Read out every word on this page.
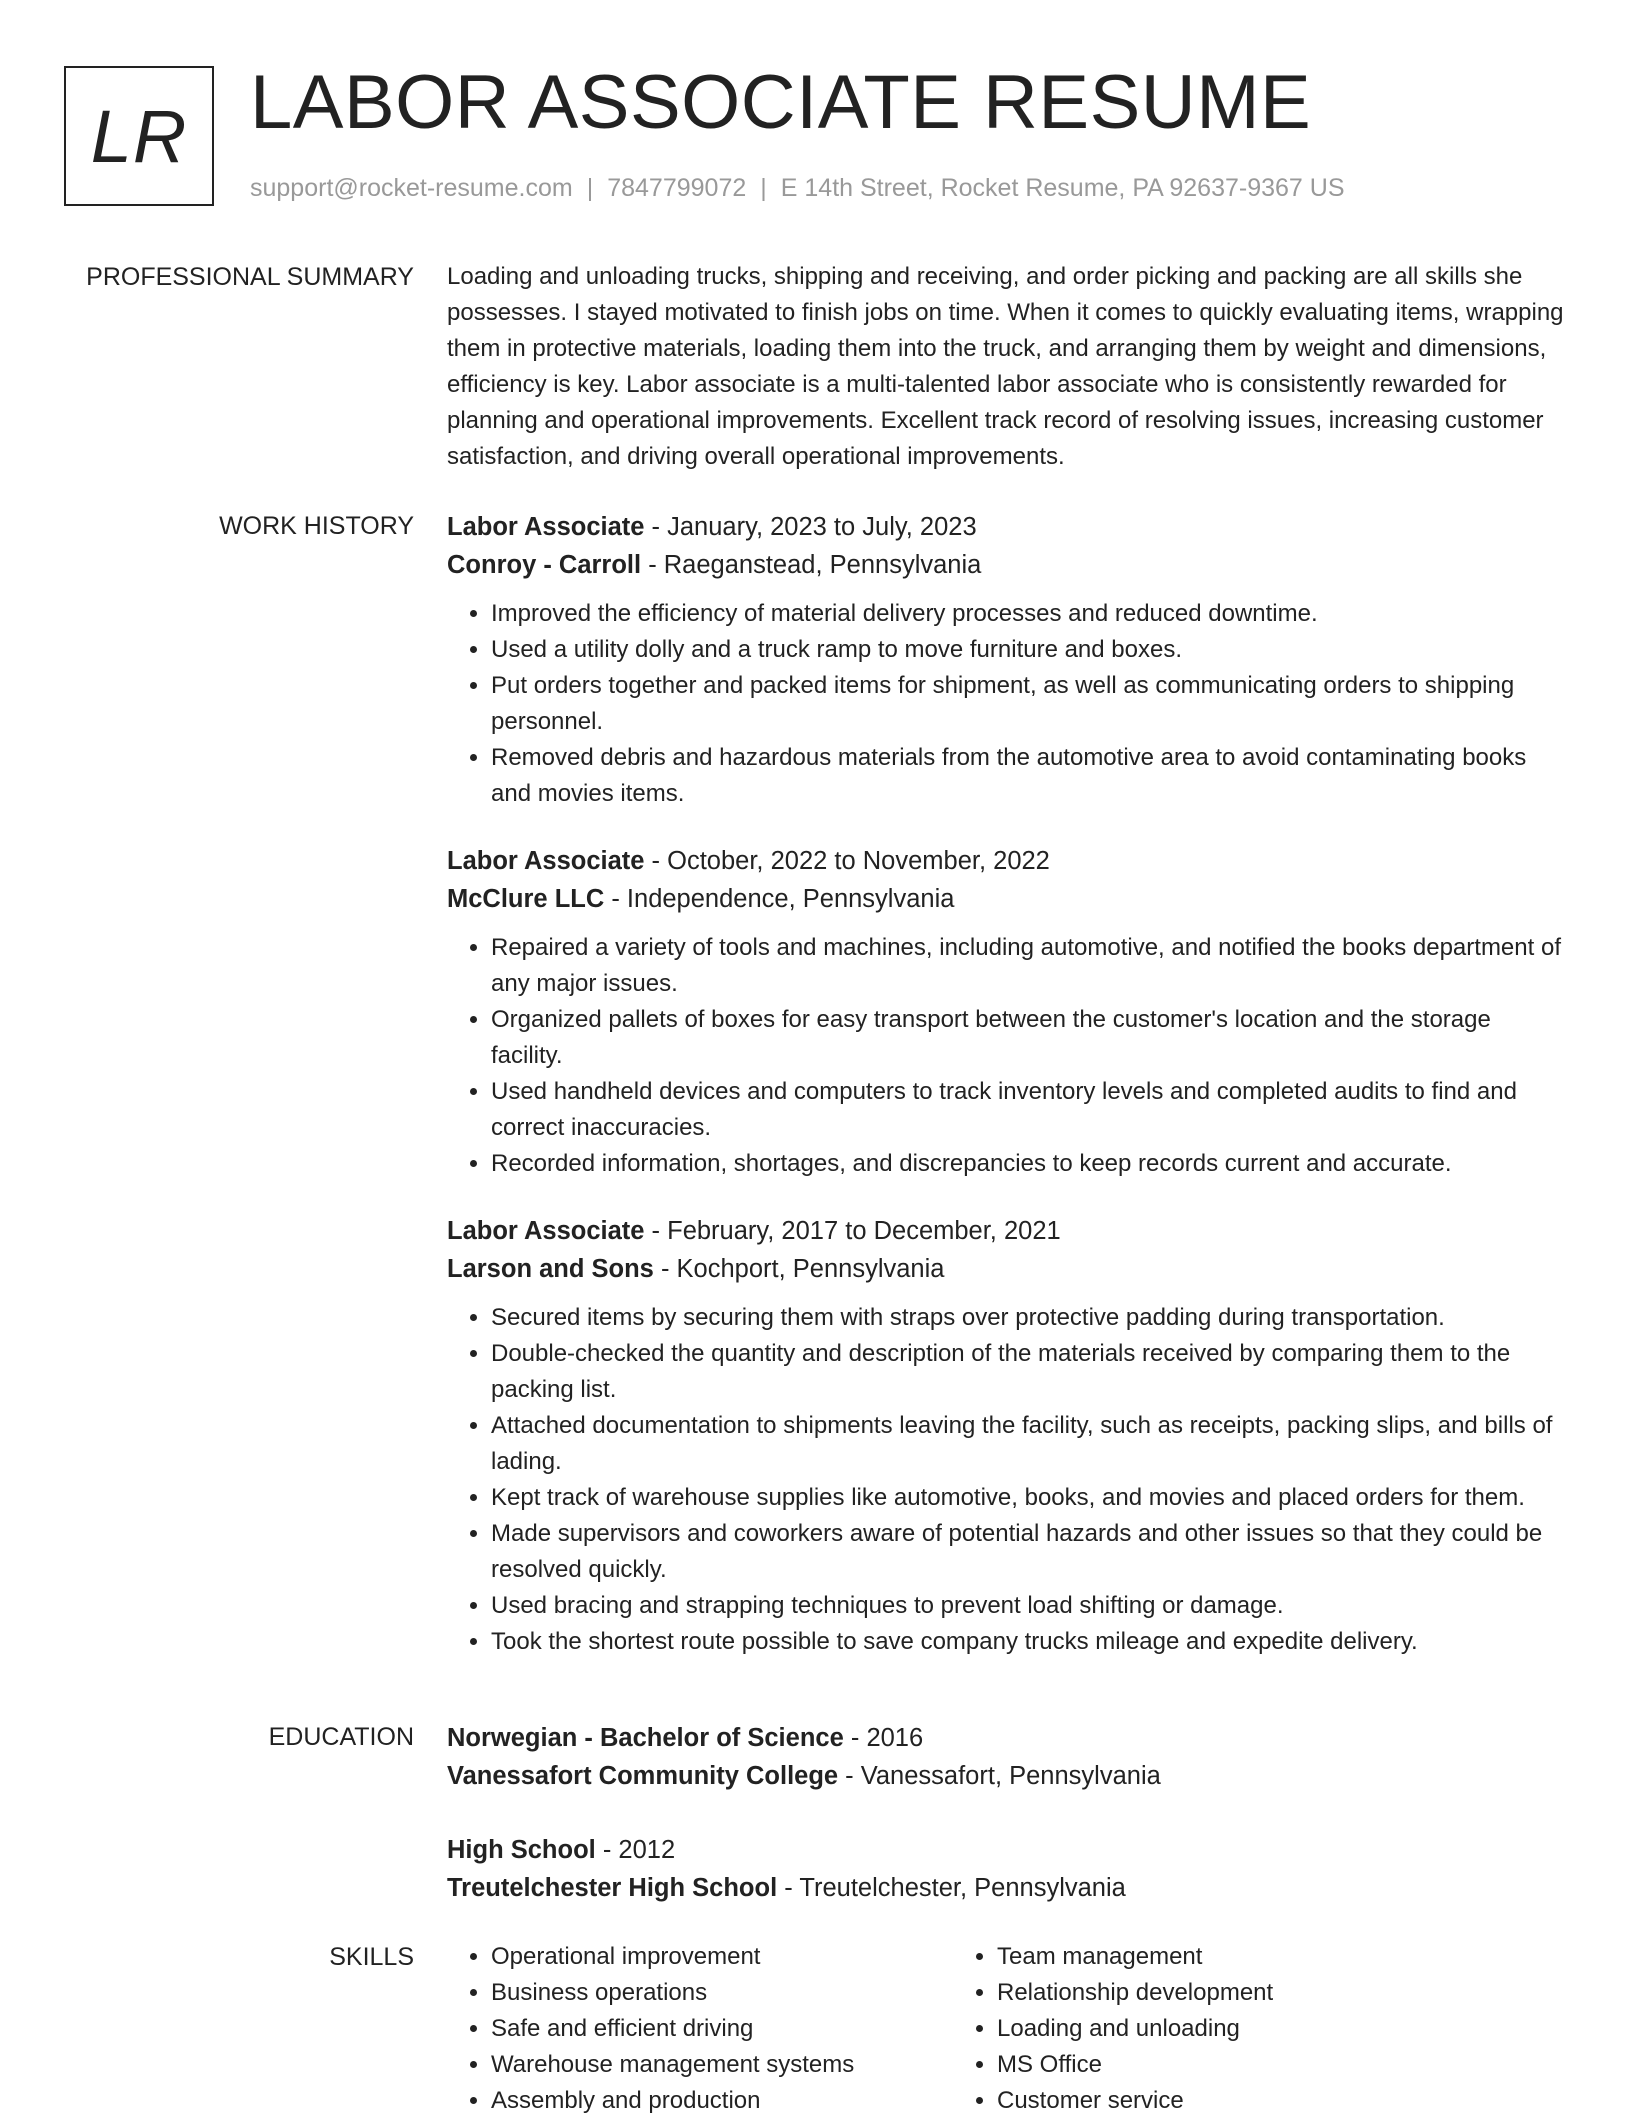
LR LABOR ASSOCIATE RESUME
support@rocket-resume.com | 7847799072 | E 14th Street, Rocket Resume, PA 92637-9367 US
PROFESSIONAL SUMMARY Loading and unloading trucks, shipping and receiving, and order picking and packing are all skills she possesses. I stayed motivated to finish jobs on time. When it comes to quickly evaluating items, wrapping them in protective materials, loading them into the truck, and arranging them by weight and dimensions, efficiency is key. Labor associate is a multi-talented labor associate who is consistently rewarded for planning and operational improvements. Excellent track record of resolving issues, increasing customer satisfaction, and driving overall operational improvements.

WORK HISTORY Labor Associate - January, 2023 to July, 2023
Conroy - Carroll - Raeganstead, Pennsylvania
• Improved the efficiency of material delivery processes and reduced downtime.
• Used a utility dolly and a truck ramp to move furniture and boxes.
• Put orders together and packed items for shipment, as well as communicating orders to shipping personnel.
• Removed debris and hazardous materials from the automotive area to avoid contaminating books and movies items.
Labor Associate - October, 2022 to November, 2022
McClure LLC - Independence, Pennsylvania
• Repaired a variety of tools and machines, including automotive, and notified the books department of any major issues.
• Organized pallets of boxes for easy transport between the customer's location and the storage facility.
• Used handheld devices and computers to track inventory levels and completed audits to find and correct inaccuracies.
• Recorded information, shortages, and discrepancies to keep records current and accurate.
Labor Associate - February, 2017 to December, 2021
Larson and Sons - Kochport, Pennsylvania
• Secured items by securing them with straps over protective padding during transportation.
• Double-checked the quantity and description of the materials received by comparing them to the packing list.
• Attached documentation to shipments leaving the facility, such as receipts, packing slips, and bills of lading.
• Kept track of warehouse supplies like automotive, books, and movies and placed orders for them.
• Made supervisors and coworkers aware of potential hazards and other issues so that they could be resolved quickly.
• Used bracing and strapping techniques to prevent load shifting or damage.
• Took the shortest route possible to save company trucks mileage and expedite delivery.
EDUCATION Norwegian - Bachelor of Science - 2016
Vanessafort Community College - Vanessafort, Pennsylvania
High School - 2012
Treutelchester High School - Treutelchester, Pennsylvania
SKILLS
•	Operational improvement
• Business operations
• Safe and efficient driving
• Warehouse management systems
• Assembly and production
• Team management
• Relationship development
• Loading and unloading
• MS Office
• Customer service
